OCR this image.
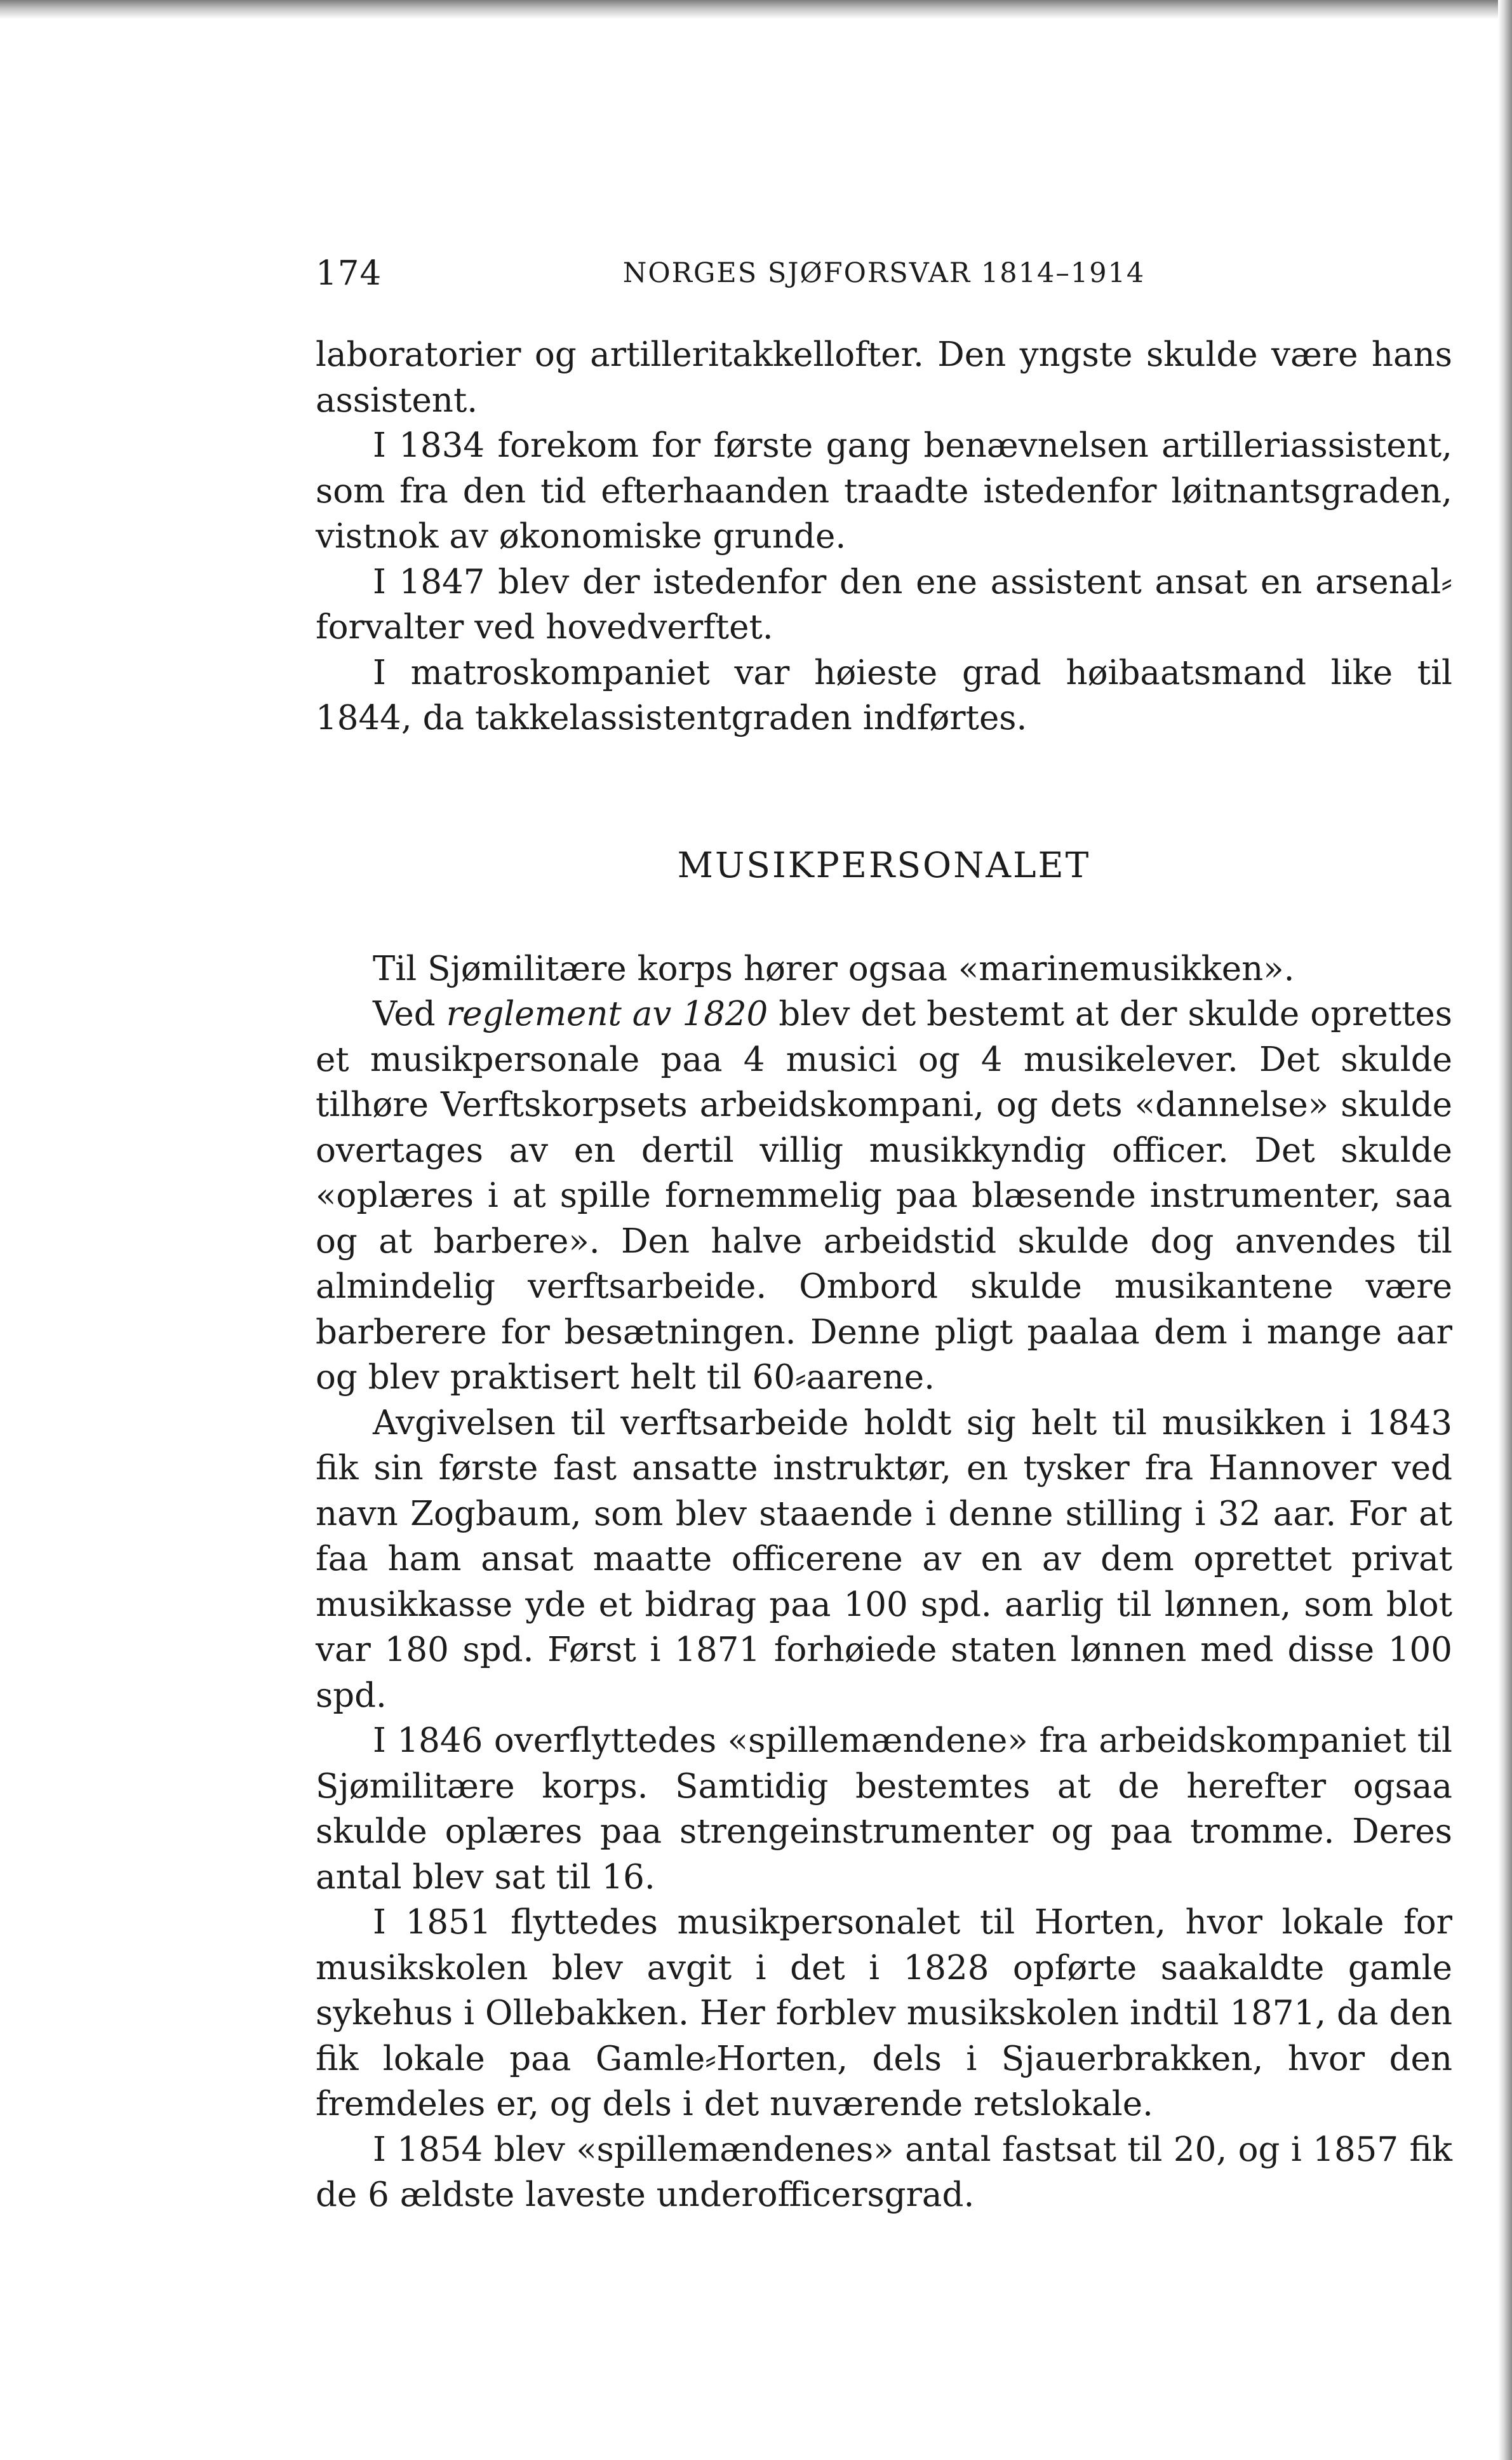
174	NORGES SJØFORSVAR 1814–1914

laboratorier og artilleritakkellofter. Den yngste skulde være hans assistent.

I 1834 forekom for første gang benævnelsen artilleriassistent, som fra den tid efterhaanden traadte istedenfor løitnantsgraden, vistnok av økonomiske grunde.

I 1847 blev der istedenfor den ene assistent ansat en arsenal⸗forvalter ved hovedverftet.

I matroskompaniet var høieste grad høibaatsmand like til 1844, da takkelassistentgraden indførtes.

MUSIKPERSONALET

Til Sjømilitære korps hører ogsaa «marinemusikken».

Ved reglement av 1820 blev det bestemt at der skulde oprettes et musikpersonale paa 4 musici og 4 musikelever. Det skulde tilhøre Verftskorpsets arbeidskompani, og dets «dannelse» skulde overtages av en dertil villig musikkyndig officer. Det skulde «oplæres i at spille fornemmelig paa blæsende instrumenter, saa og at barbere». Den halve arbeidstid skulde dog anvendes til almindelig verftsarbeide. Ombord skulde musikantene være barberere for besætningen. Denne pligt paalaa dem i mange aar og blev praktisert helt til 60⸗aarene.

Avgivelsen til verftsarbeide holdt sig helt til musikken i 1843 fik sin første fast ansatte instruktør, en tysker fra Hannover ved navn Zogbaum, som blev staaende i denne stilling i 32 aar. For at faa ham ansat maatte officerene av en av dem oprettet privat musikkasse yde et bidrag paa 100 spd. aarlig til lønnen, som blot var 180 spd. Først i 1871 forhøiede staten lønnen med disse 100 spd.

I 1846 overflyttedes «spillemændene» fra arbeidskompaniet til Sjømilitære korps. Samtidig bestemtes at de herefter ogsaa skulde oplæres paa strengeinstrumenter og paa tromme. Deres antal blev sat til 16.

I 1851 flyttedes musikpersonalet til Horten, hvor lokale for musikskolen blev avgit i det i 1828 opførte saakaldte gamle sykehus i Ollebakken. Her forblev musikskolen indtil 1871, da den fik lokale paa Gamle⸗Horten, dels i Sjauerbrakken, hvor den fremdeles er, og dels i det nuværende retslokale.

I 1854 blev «spillemændenes» antal fastsat til 20, og i 1857 fik de 6 ældste laveste underofficersgrad.
